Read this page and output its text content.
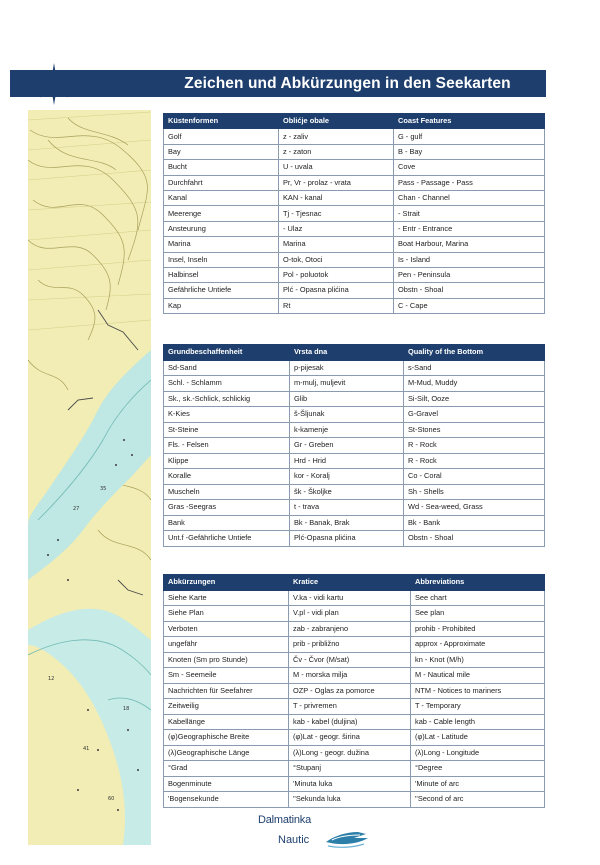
Zeichen und Abkürzungen in den Seekarten
27
35
12
41
18
60
Küstenformen	Oblićje obale	Coast Features
Golf	z - zaliv	G - gulf
Bay	z - zaton	B - Bay
Bucht	U - uvala	Cove
Durchfahrt	Pr, Vr - prolaz - vrata	Pass - Passage - Pass
Kanal	KAN - kanal	Chan - Channel
Meerenge	Tj - Tjesnac	- Strait
Ansteurung	- Ulaz	- Entr - Entrance
Marina	Marina	Boat Harbour, Marina
Insel, Inseln	O-tok, Otoci	Is - Island
Halbinsel	Pol - poluotok	Pen - Peninsula
Gefährliche Untiefe	Plć - Opasna plićina	Obstn - Shoal
Kap	Rt	C - Cape
Grundbeschaffenheit	Vrsta dna	Quality of the Bottom
Sd-Sand	p-pijesak	s-Sand
Schl. - Schlamm	m-mulj, muljevit	M-Mud, Muddy
Sk., sk.-Schlick, schlickig	Glib	Si-Silt, Ooze
K-Kies	š-Šljunak	G-Gravel
St-Steine	k-kamenje	St-Stones
Fls. - Felsen	Gr - Greben	R - Rock
Klippe	Hrd - Hrid	R - Rock
Koralle	kor - Koralj	Co - Coral
Muscheln	šk - Školjke	Sh - Shells
Gras -Seegras	t - trava	Wd - Sea-weed, Grass
Bank	Bk - Banak, Brak	Bk - Bank
Unt.f -Gefährliche Untiefe	Plć-Opasna plićina	Obstn - Shoal
Abkürzungen	Kratice	Abbreviations
Siehe Karte	V.ka - vidi kartu	See chart
Siehe Plan	V.pl - vidi plan	See plan
Verboten	zab - zabranjeno	prohib - Prohibited
ungefähr	prib - približno	approx - Approximate
Knoten (Sm pro Stunde)	Čv - Čvor (M/sat)	kn - Knot (M/h)
Sm - Seemeile	M - morska milja	M - Nautical mile
Nachrichten für Seefahrer	OZP - Oglas za pomorce	NTM - Notices to mariners
Zeitweilig	T - privremen	T - Temporary
Kabellänge	kab - kabel (duljina)	kab - Cable length
(φ)Geographische Breite	(φ)Lat - geogr. širina	(φ)Lat - Latitude
(λ)Geographische Länge	(λ)Long - geogr. dužina	(λ)Long - Longitude
°Grad	°Stupanj	°Degree
Bogenminute	'Minuta luka	'Minute of arc
'Bogensekunde	''Sekunda luka	''Second of arc
Dalmatinka
Nautic
